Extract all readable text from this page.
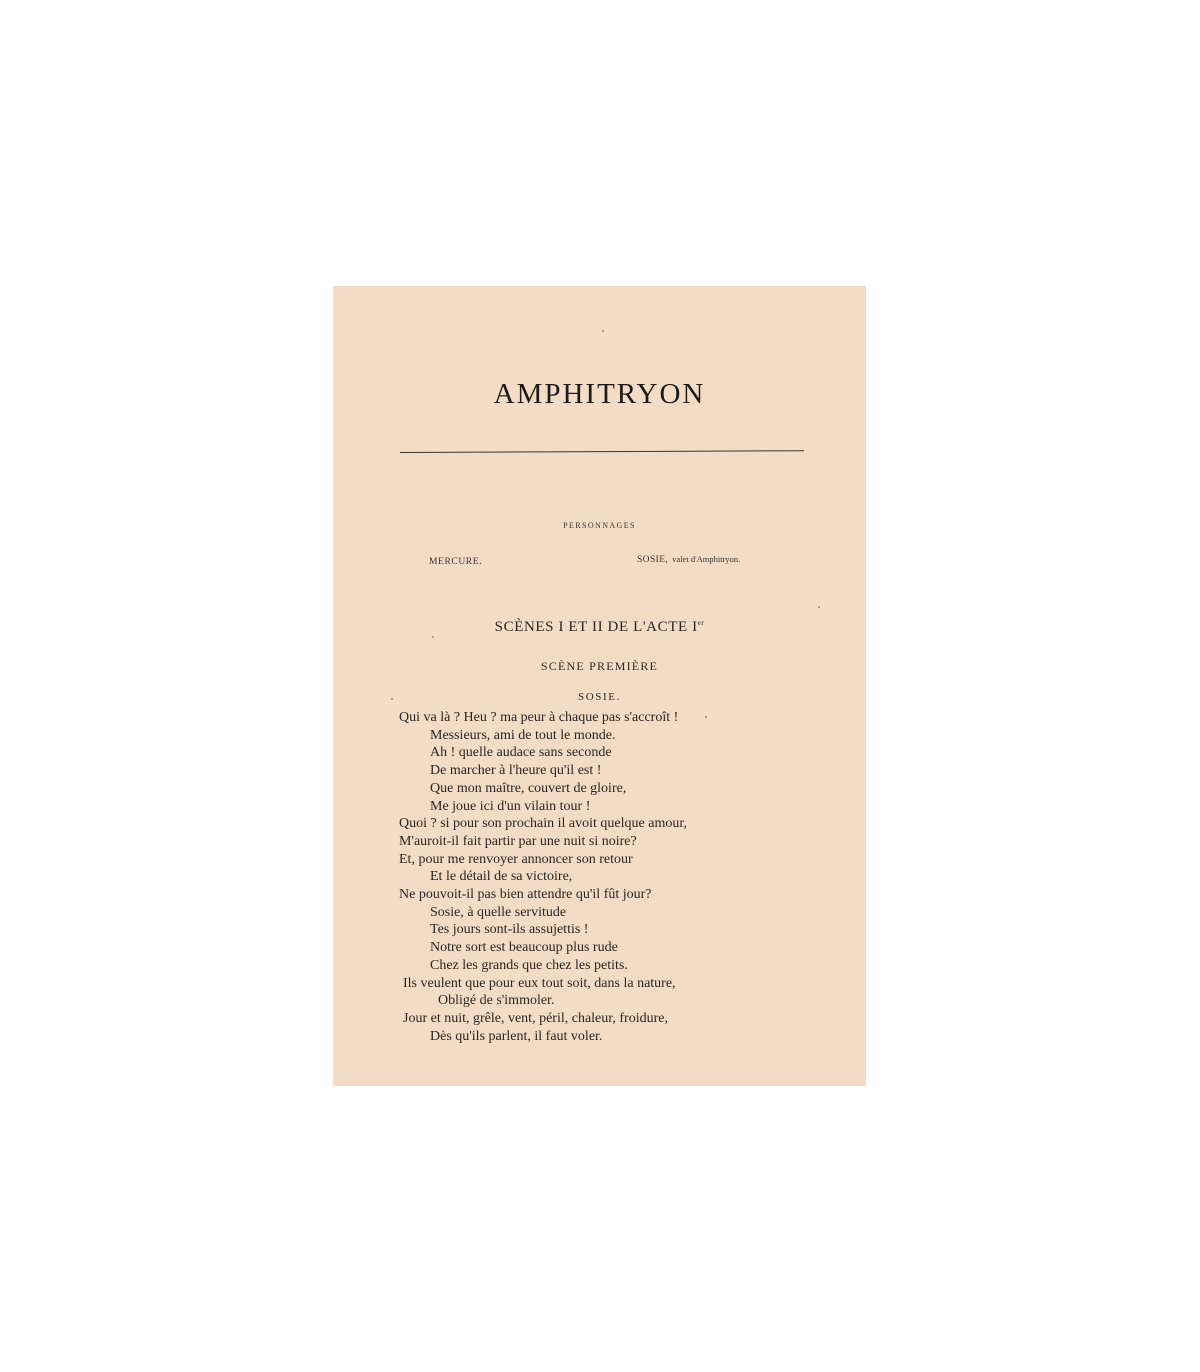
AMPHITRYON
PERSONNAGES
MERCURE.	SOSIE, valet d'Amphitryon.
SCÈNES I ET II DE L'ACTE Ier
SCÈNE PREMIÈRE
SOSIE.
Qui va là ? Heu ? ma peur à chaque pas s'accroît !
Messieurs, ami de tout le monde.
Ah ! quelle audace sans seconde
De marcher à l'heure qu'il est !
Que mon maître, couvert de gloire,
Me joue ici d'un vilain tour !
Quoi ? si pour son prochain il avoit quelque amour,
M'auroit-il fait partir par une nuit si noire?
Et, pour me renvoyer annoncer son retour
Et le détail de sa victoire,
Ne pouvoit-il pas bien attendre qu'il fût jour?
Sosie, à quelle servitude
Tes jours sont-ils assujettis !
Notre sort est beaucoup plus rude
Chez les grands que chez les petits.
Ils veulent que pour eux tout soit, dans la nature,
Obligé de s'immoler.
Jour et nuit, grêle, vent, péril, chaleur, froidure,
Dès qu'ils parlent, il faut voler.
